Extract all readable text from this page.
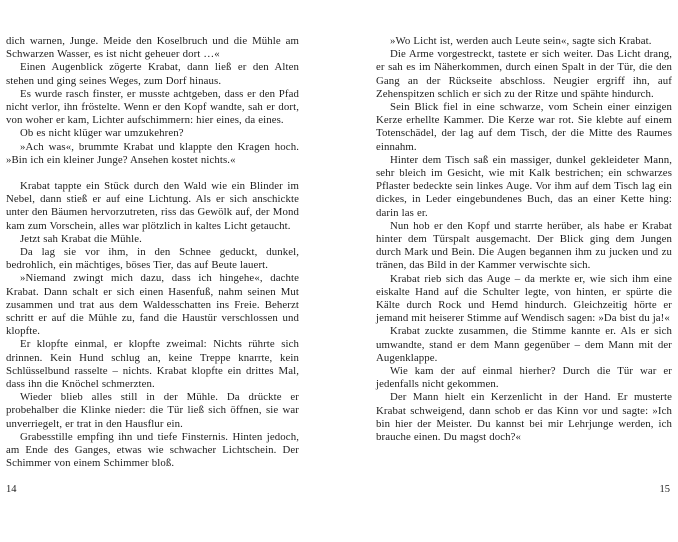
dich warnen, Junge. Meide den Koselbruch und die Mühle am Schwarzen Wasser, es ist nicht geheuer dort …«

Einen Augenblick zögerte Krabat, dann ließ er den Alten stehen und ging seines Weges, zum Dorf hinaus.

Es wurde rasch finster, er musste achtgeben, dass er den Pfad nicht verlor, ihn fröstelte. Wenn er den Kopf wandte, sah er dort, von woher er kam, Lichter aufschimmern: hier eines, da eines.

Ob es nicht klüger war umzukehren?

»Ach was«, brummte Krabat und klappte den Kragen hoch. »Bin ich ein kleiner Junge? Ansehen kostet nichts.«

Krabat tappte ein Stück durch den Wald wie ein Blinder im Nebel, dann stieß er auf eine Lichtung. Als er sich anschickte unter den Bäumen hervorzutreten, riss das Gewölk auf, der Mond kam zum Vorschein, alles war plötzlich in kaltes Licht getaucht.

Jetzt sah Krabat die Mühle.

Da lag sie vor ihm, in den Schnee geduckt, dunkel, bedrohlich, ein mächtiges, böses Tier, das auf Beute lauert.

»Niemand zwingt mich dazu, dass ich hingehe«, dachte Krabat. Dann schalt er sich einen Hasenfuß, nahm seinen Mut zusammen und trat aus dem Waldesschatten ins Freie. Beherzt schritt er auf die Mühle zu, fand die Haustür verschlossen und klopfte.

Er klopfte einmal, er klopfte zweimal: Nichts rührte sich drinnen. Kein Hund schlug an, keine Treppe knarrte, kein Schlüsselbund rasselte – nichts. Krabat klopfte ein drittes Mal, dass ihn die Knöchel schmerzten.

Wieder blieb alles still in der Mühle. Da drückte er probehalber die Klinke nieder: die Tür ließ sich öffnen, sie war unverriegelt, er trat in den Hausflur ein.

Grabesstille empfing ihn und tiefe Finsternis. Hinten jedoch, am Ende des Ganges, etwas wie schwacher Lichtschein. Der Schimmer von einem Schimmer bloß.

14

»Wo Licht ist, werden auch Leute sein«, sagte sich Krabat.

Die Arme vorgestreckt, tastete er sich weiter. Das Licht drang, er sah es im Näherkommen, durch einen Spalt in der Tür, die den Gang an der Rückseite abschloss. Neugier ergriff ihn, auf Zehenspitzen schlich er sich zu der Ritze und spähte hindurch.

Sein Blick fiel in eine schwarze, vom Schein einer einzigen Kerze erhellte Kammer. Die Kerze war rot. Sie klebte auf einem Totenschädel, der lag auf dem Tisch, der die Mitte des Raumes einnahm.

Hinter dem Tisch saß ein massiger, dunkel gekleideter Mann, sehr bleich im Gesicht, wie mit Kalk bestrichen; ein schwarzes Pflaster bedeckte sein linkes Auge. Vor ihm auf dem Tisch lag ein dickes, in Leder eingebundenes Buch, das an einer Kette hing: darin las er.

Nun hob er den Kopf und starrte herüber, als habe er Krabat hinter dem Türspalt ausgemacht. Der Blick ging dem Jungen durch Mark und Bein. Die Augen begannen ihm zu jucken und zu tränen, das Bild in der Kammer verwischte sich.

Krabat rieb sich das Auge – da merkte er, wie sich ihm eine eiskalte Hand auf die Schulter legte, von hinten, er spürte die Kälte durch Rock und Hemd hindurch. Gleichzeitig hörte er jemand mit heiserer Stimme auf Wendisch sagen: »Da bist du ja!«

Krabat zuckte zusammen, die Stimme kannte er. Als er sich umwandte, stand er dem Mann gegenüber – dem Mann mit der Augenklappe.

Wie kam der auf einmal hierher? Durch die Tür war er jedenfalls nicht gekommen.

Der Mann hielt ein Kerzenlicht in der Hand. Er musterte Krabat schweigend, dann schob er das Kinn vor und sagte: »Ich bin hier der Meister. Du kannst bei mir Lehrjunge werden, ich brauche einen. Du magst doch?«

15
